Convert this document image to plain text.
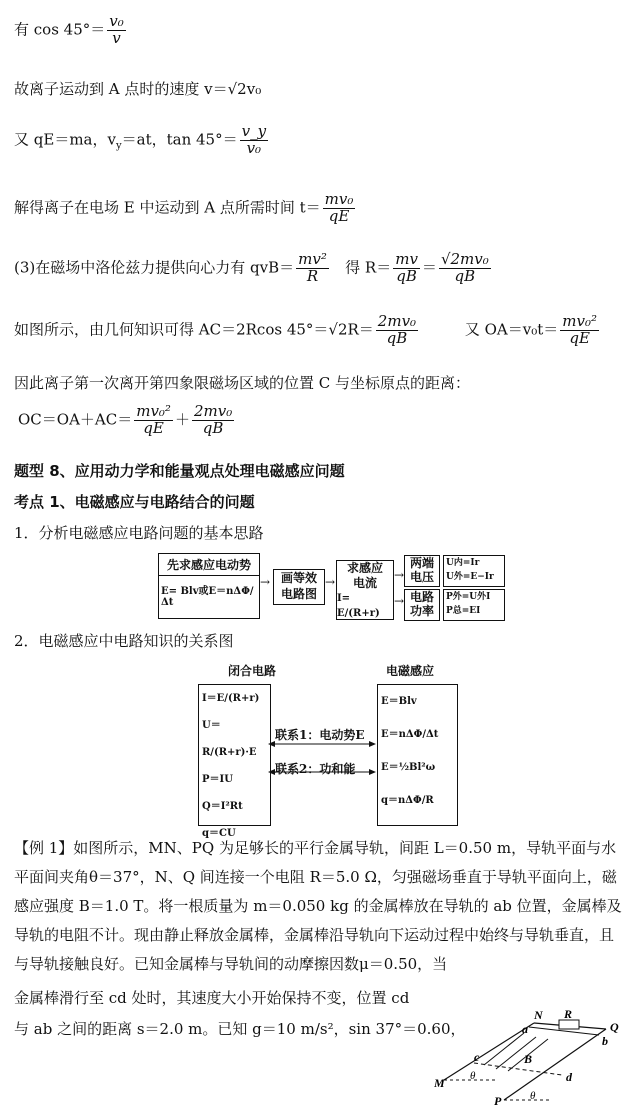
有 $\cos 45^\circ= \frac{\text{v₀}}{v}$
故离子运动到 A 点时的速度 v＝√2v₀
又 qE＝ma，$v_y=at$，$\tan 45^\circ= \frac{v\_y}{\text{v₀}}$
解得离子在电场 E 中运动到 A 点所需时间 $t= \frac{\text{mv₀}}{qE}$
(3)在磁场中洛伦兹力提供向心力有 $qvB= \frac{\text{mv²}}{R}$ 得 $R= \frac{mv}{qB} = \frac{\text{√2mv₀}}{qB}$
如图所示，由几何知识可得 AC＝2Rcos $45^\circ=√2R= \frac{\text{2mv₀}}{qB}$	又 $OA=v_0t= \frac{\text{mv₀²}}{qE}$
因此离子第一次离开第四象限磁场区域的位置 C 与坐标原点的距离：
$OC=OA+AC= \frac{\text{mv₀²}}{qE} + \frac{\text{2mv₀}}{qB}$
题型 8、应用动力学和能量观点处理电磁感应问题
考点 1、电磁感应与电路结合的问题
1．分析电磁感应电路问题的基本思路
先求感应电动势
E= Blv或E＝nΔΦ/Δt
→ 画等效
电路图
→
求感应
电流
I= E/(R+r)
→
→
两端
电压
电路
功率
U内=Ir
U外=E−Ir
P外=U外I
P总=EI
2．电磁感应中电路知识的关系图
闭合电路	电磁感应
I＝E/(R+r)
U＝R/(R+r)·E
P＝IU
Q＝I²Rt
q＝CU
E＝Blv
E＝nΔΦ/Δt
E＝½Bl²ω
q＝nΔΦ/R
联系1：电动势E
联系2：功和能
【例 1】如图所示，MN、PQ 为足够长的平行金属导轨，间距 L＝0.50 m，导轨平面与水平面间夹角θ＝37°，N、Q 间连接一个电阻 R＝5.0 Ω，匀强磁场垂直于导轨平面向上，磁感应强度 B＝1.0 T。将一根质量为 m＝0.050 kg 的金属棒放在导轨的 ab 位置，金属棒及导轨的电阻不计。现由静止释放金属棒，金属棒沿导轨向下运动过程中始终与导轨垂直，且与导轨接触良好。已知金属棒与导轨间的动摩擦因数μ＝0.50，当
金属棒滑行至 cd 处时，其速度大小开始保持不变，位置 cd
与 ab 之间的距离 s＝2.0 m。已知 g＝10 m/s²，sin 37°＝0.60，
N R
Q
a
b
c	B
d
M θ
P	θ
